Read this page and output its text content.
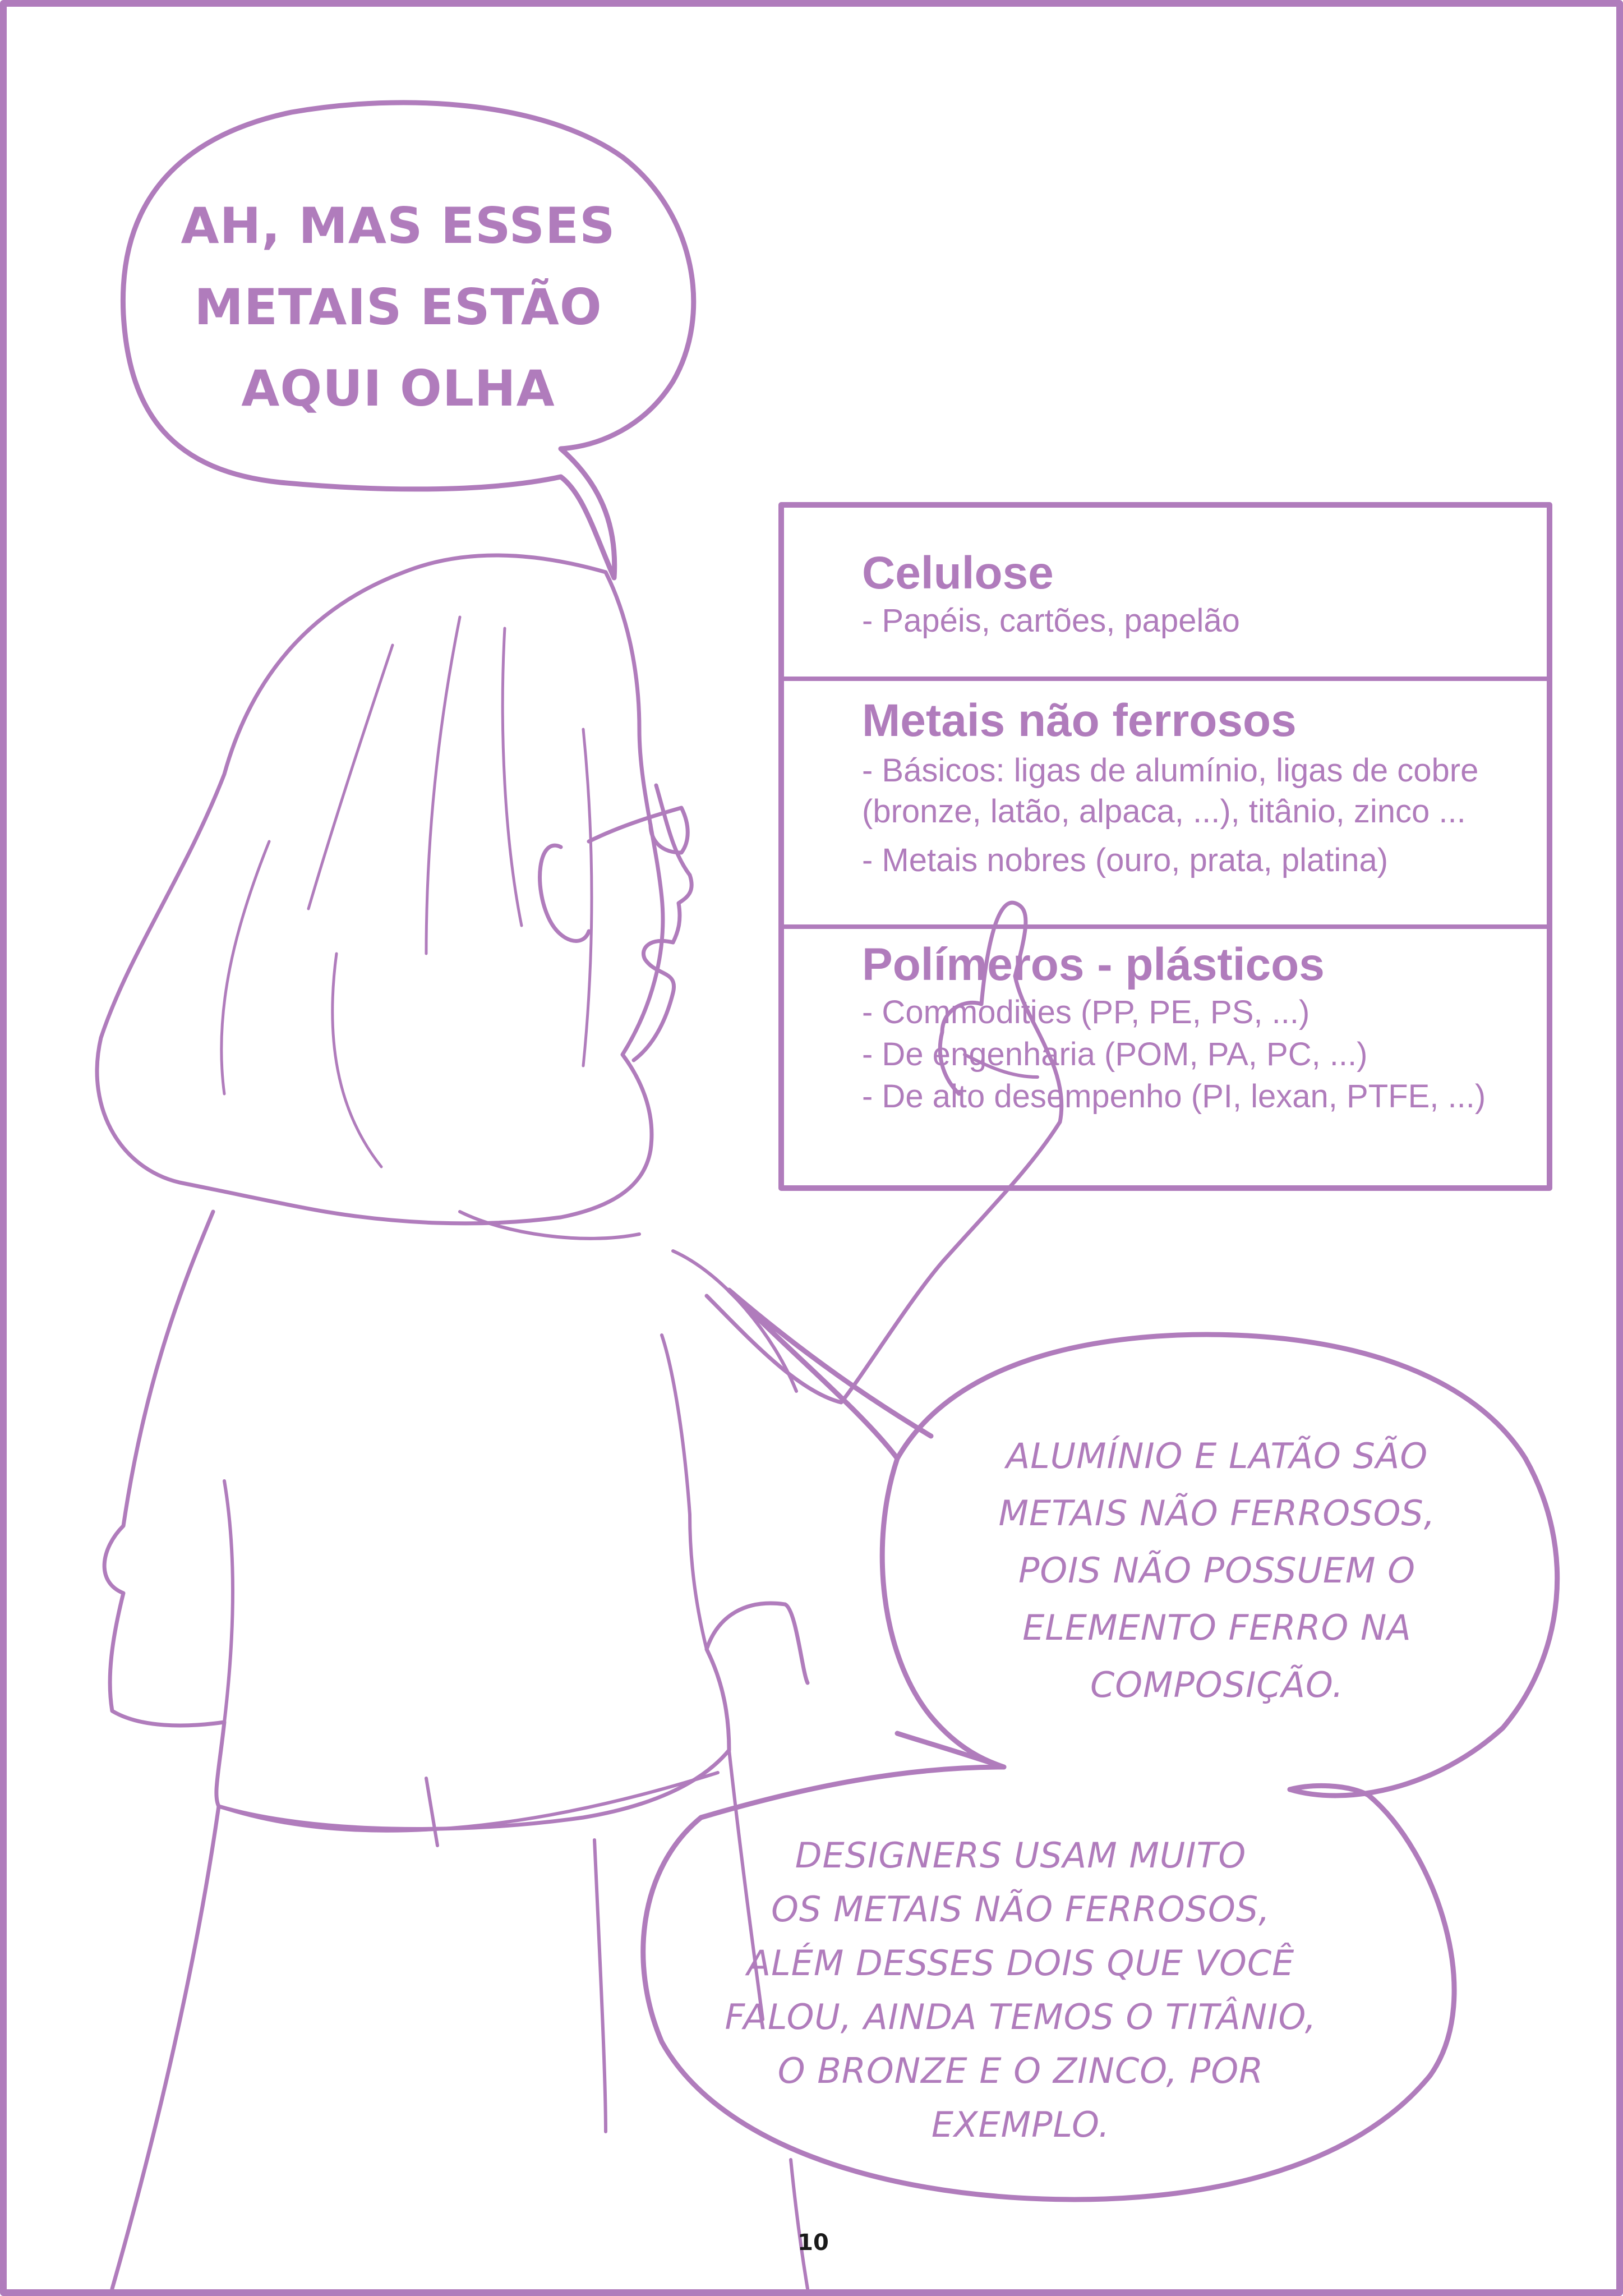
AH, MAS ESSES
METAIS ESTÃO
AQUI OLHA
Celulose
- Papéis, cartões, papelão
Metais não ferrosos
- Básicos: ligas de alumínio, ligas de cobre
(bronze, latão, alpaca, ...), titânio, zinco ...
- Metais nobres (ouro, prata, platina)
Polímeros - plásticos
- Commodities (PP, PE, PS, ...)
- De engenharia (POM, PA, PC, ...)
- De alto desempenho (PI, lexan, PTFE, ...)
ALUMÍNIO E LATÃO SÃO
METAIS NÃO FERROSOS,
POIS NÃO POSSUEM O
ELEMENTO FERRO NA
COMPOSIÇÃO.
DESIGNERS USAM MUITO
OS METAIS NÃO FERROSOS,
ALÉM DESSES DOIS QUE VOCÊ
FALOU, AINDA TEMOS O TITÂNIO,
O BRONZE E O ZINCO, POR EXEMPLO.
10
